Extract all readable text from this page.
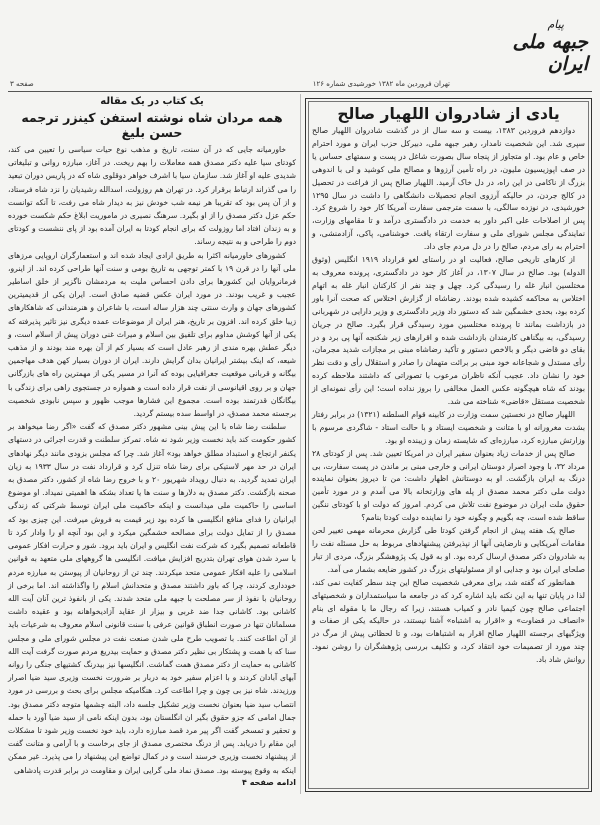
پیام
جبهه ملی ایران
تهران فروردین ماه ۱۳۸۲ خورشیدی شماره ۱۲۶
صفحه ۳
یادی از شادروان اللهیار صالح

دوازدهم فروردین ۱۳۸۳، بیست و سه سال از در گذشت شادروان اللهیار صالح سپری شد. این شخصیت نامدار، رهبر جبهه ملی، دبیرکل حزب ایران و مورد احترام خاص و عام بود. او متجاوز از پنجاه سال بصورت شاغل در پست و سمتهای حساس یا در صف اپوزیسیون ملیون، در راه تأمین آرزوها و مصالح ملی کوشید و لی با اندوهی بزرگ از ناکامی در این راه، در دل خاک آرمید. اللهیار صالح پس از فراغت در تحصیل در کالج جردن، در حالیکه آرزوی انجام تحصیلات دانشگاهی را داشت در سال ۱۲۹۵ خورشیدی، در نوزده سالگی، با سمت مترجمی سفارت آمریکا کار خود را شروع کرد. پس از اصلاحات علی اکبر داور به خدمت در دادگستری درآمد و تا مقامهای وزارت، نمایندگی مجلس شورای ملی و سفارت ارتقاء یافت. خوشنامی، پاکی، آزادمنشی، و احترام به رای مردم، صالح را در دل مردم جای داد.

از کارهای تاریخی صالح، فعالیت او در راستای لغو قرارداد ۱۹۱۹ انگلیس (وثوق الدوله) بود. صالح در سال ۱۳۰۷، در آغاز کار خود در دادگستری، پرونده معروف به مختلسین انبار غله را رسیدگی کرد. چهل و چند نفر از کارکنان انبار غله به اتهام اختلاس به محاکمه کشیده شده بودند. رضاشاه از گزارش اختلاس که صحت آنرا باور کرده بود، بحدی خشمگین شد که دستور داد وزیر دادگستری و وزیر دارایی در شهربانی در بازداشت بمانند تا پرونده مختلسین مورد رسیدگی قرار بگیرد. صالح در جریان رسیدگی، به بیگناهی کارمندان بازداشت شده و اقرارهای زیر شکنجه آنها پی برد و در بقای دو قاضی دیگر و بالاخص دستور و تأکید رضاشاه مبنی بر مجازات شدید مجرمان، رأی مستدل و شجاعانه خود مبنی بر برائت متهمان را صادر و استقلال رأی و دقت نظر خود را نشان داد. عجیب آنکه ناظران مرعوب با تصوراتی که داشتند ملاحظه کرده بودند که شاه هیچگونه عکس العمل مخالفی را بروز نداده است؛ این رأی نمونه‌ای از شخصیت مستقل «قاضی» شناخته می شد.

اللهیار صالح در نخستین سمت وزارت در کابینه قوام السلطنه (۱۳۲۱) در برابر رفتار بشدت مغرورانه او با متانت و شخصیت ایستاد و با حالت استاد - شاگردی مرسوم با وزارتش مبارزه کرد، مبارزه‌ای که شایسته زمان و زیبنده او بود.

صالح پس از خدمات زیاد بعنوان سفیر ایران در امریکا تعیین شد. پس از کودتای ۲۸ مرداد ۳۲، با وجود اصرار دوستان ایرانی و خارجی مبنی بر ماندن در پست سفارت، بی درنگ به ایران بازگشت. او به دوستانش اظهار داشت: من تا دیروز بعنوان نماینده دولت ملی دکتر محمد مصدق از پله های وزارتخانه بالا می آمدم و در مورد تأمین حقوق ملت ایران در موضوع نفت تلاش می کردم. امروز که دولت او با کودتای ننگین ساقط شده است، چه بگویم و چگونه خود را نماینده دولت کودتا بنامم؟

صالح یک هفته پیش از انجام گرفتن کودتا طی گزارش محرمانه مهمی تغییر لحن مقامات آمریکایی و نارضایتی آنها از نپذیرفتن پیشنهادهای مربوط به حل مسئله نفت را به شادروان دکتر مصدق ارسال کرده بود. او به قول یک پژوهشگر بزرگ، مردی از تبار صلحای ایران بود و جدایی او از مسئولیتهای بزرگ در کشور ضایعه بشمار می آمد.

همانطور که گفته شد، برای معرفی شخصیت صالح این چند سطر کفایت نمی کند، لذا در پایان تنها به این نکته باید اشاره کرد که در جامعه ما سیاستمداران و شخصیتهای اجتماعی صالح چون کیمیا نادر و کمیاب هستند، زیرا که رجال ما با مقوله ای بنام «انصاف در قضاوت» و «اقرار به اشتباه» آشنا نیستند، در حالیکه یکی از صفات و ویژگیهای برجسته اللهیار صالح اقرار به اشتباهات بود، و تا لحظاتی پیش از مرگ در چند مورد از تصمیمات خود انتقاد کرد، و تکلیف بررسی پژوهشگران را روشن نمود. روانش شاد باد.

یک کتاب در یک مقاله
همه مردان شاه نوشته استفن کینزر ترجمه حسن بلیغ

خاورمیانه جایی که در آن سنت، تاریخ و مذهب نوع حیات سیاسی را تعیین می کند، کودتای سیا علیه دکتر مصدق همه معاملات را بهم ریخت. در آغاز، مبارزه روانی و تبلیغاتی شدیدی علیه او آغاز شد. سازمان سیا با اشرف خواهر دوقلوی شاه که در پاریس دوران تبعید را می گذراند ارتباط برقرار کرد. در تهران هم روزولت، اسدالله رشیدیان را نزد شاه فرستاد، و از آن پس بود که تقریبا هر نیمه شب خودش نیز به دیدار شاه می رفت، تا آنکه توانست حکم عزل دکتر مصدق را از او بگیرد. سرهنگ نصیری در ماموریت ابلاغ حکم شکست خورده و به زندان افتاد اما روزولت که برای انجام کودتا به ایران آمده بود از پای ننشست و کودتای دوم را طراحی و به نتیجه رساند.

کشورهای خاورمیانه اکثرا به طریق ارادی ایجاد شده اند و استعمارگران اروپایی مرزهای ملی آنها را در قرن ۱۹ با کمتر توجهی به تاریخ بومی و سنت آنها طراحی کرده اند. از اینرو، فرمانروایان این کشورها برای دادن احساس ملیت به مردمشان ناگزیر از خلق اساطیر عجیب و غریب بودند. در مورد ایران عکس قضیه صادق است. ایران یکی از قدیمیترین کشورهای جهان و وارث سنتی چند هزار ساله است، با شاعران و هنرمندانی که شاهکارهای زیبا خلق کرده اند. افزون بر تاریخ، هنر ایران از موضوعات عمده دیگری نیز تاثیر پذیرفته که یکی از آنها کوشش مداوم برای تلفیق بین اسلام و میراث غنی دوران پیش از اسلام است، و دیگر عطش بهره مندی از رهبر عادل است که بسیار کم از آن بهره مند بودند و از مذهب شیعه، که اینک بیشتر ایرانیان بدان گرایش دارند. ایران از دوران بسیار کهن هدف مهاجمین بیگانه و قربانی موقعیت جغرافیایی بوده که آنرا در مسیر یکی از مهمترین راه های بازرگانی جهان و بر روی اقیانوسی از نفت قرار داده است و همواره در جستجوی راهی برای زندگی با بیگانگان قدرتمند بوده است. مجموع این فشارها موجب ظهور و سپس نابودی شخصیت برجسته محمد مصدق، در اواسط سده بیستم گردید.

سلطنت رضا شاه با این پیش بینی مشهور دکتر مصدق که گفت «اگر رضا میخواهد بر کشور حکومت کند باید نخست وزیر شود نه شاه. تمرکز سلطنت و قدرت اجرائی در دستهای یکنفر ارتجاع و استبداد مطلق خواهد بود» آغاز شد. چرا که مجلس بزودی مانند دیگر نهادهای ایران در حد مهر لاستیکی برای رضا شاه تنزل کرد و قرارداد نفت در سال ۱۹۳۳ به زیان ایران تمدید گردید. به دنبال رویداد شهریور ۲۰ و با خروج رضا شاه از کشور، دکتر مصدق به صحنه بازگشت. دکتر مصدق به دلارها و سنت ها یا تعداد بشکه ها اهمیتی نمیداد. او موضوع اساسی را حاکمیت ملی میدانست و اینکه حاکمیت ملی ایران توسط شرکتی که زندگی ایرانیان را فدای منافع انگلیسی ها کرده بود زیر قیمت به فروش میرفت. این چیزی بود که مصدق را از تمایل دولت برای مصالحه خشمگین میکرد و این بود آنچه او را وادار کرد تا قاطعانه تصمیم بگیرد که شرکت نفت انگلیس و ایران باید برود. شور و حرارت افکار عمومی با سرد شدن هوای تهران بتدریج افزایش میافت. انگلیسی ها گروههای ملی متعهد به قوانین اسلامی را علیه افکار عمومی متحد میکردند. چند تن از روحانیان از پیوستن به مبارزه مردم خودداری کردند، چرا که باور داشتند مصدق و متحدانش اسلام را واگذاشته اند. اما برخی از روحانیان با نفوذ از سر مصلحت با جبهه ملی متحد شدند. یکی از بانفوذ ترین آنان آیت الله کاشانی بود. کاشانی جدا ضد غربی و بیزار از عقاید آزادیخواهانه بود و عقیده داشت مسلمانان تنها در صورت انطباق قوانین عرفی با سنت قانونی اسلام معروف به شرعیات باید از آن اطاعت کنند. با تصویب طرح ملی شدن صنعت نفت در مجلس شورای ملی و مجلس سنا که با همت و پشتکار بی نظیر دکتر مصدق و حمایت بیدریغ مردم صورت گرفت آیت الله کاشانی به حمایت از دکتر مصدق همت گماشت. انگلیسها نیز بیدرنگ کشتیهای جنگی را روانه آبهای آبادان کردند و با اعزام سفیر خود به دربار بر ضرورت نخست وزیری سید ضیا اصرار ورزیدند. شاه نیز بی چون و چرا اطاعت کرد. هنگامیکه مجلس برای بحث و بررسی در مورد انتصاب سید ضیا بعنوان نخست وزیر تشکیل جلسه داد، البته چشمها متوجه دکتر مصدق بود. جمال امامی که جزو حقوق بگیر ان انگلستان بود، بدون اینکه نامی از سید ضیا آورد با حمله و تحقیر و تمسخر گفت اگر پیر مرد قصد مبارزه دارد، باید خود نخست وزیر شود تا مشکلات این مقام را دریابد. پس از درنگ مختصری مصدق از جای برخاست و با آرامی و متانت گفت از پیشنهاد نخست وزیری خرسند است و در کمال تواضع این پیشنهاد را می پذیرد. غیر ممکن اینکه به وقوع پیوسته بود. مصدق نماد ملی گرایی ایران و مقاومت در برابر قدرت پادشاهی

ادامه صفحه ۴
